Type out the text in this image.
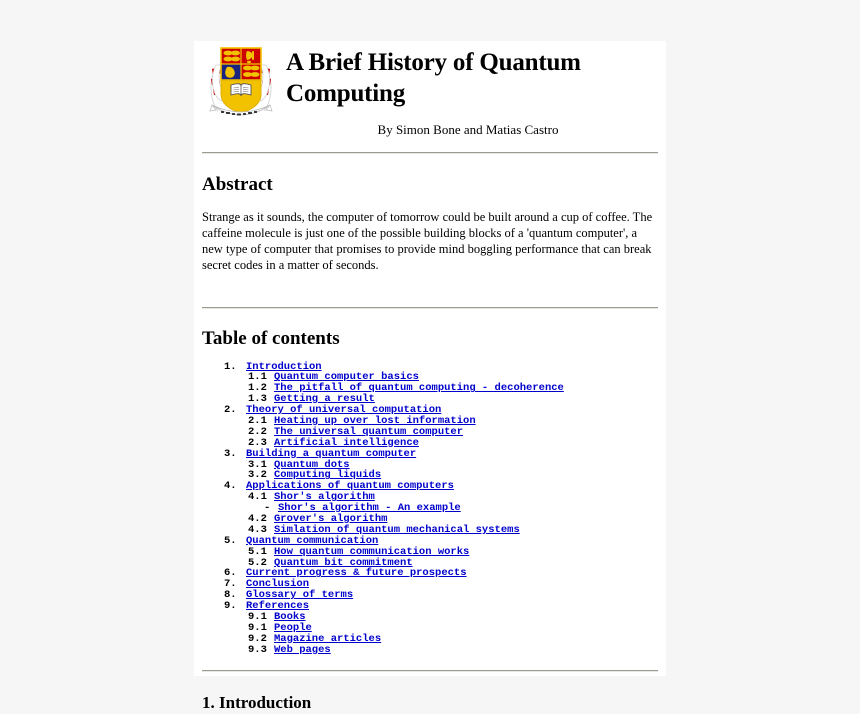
A Brief History of Quantum Computing
By Simon Bone and Matias Castro
Abstract

Strange as it sounds, the computer of tomorrow could be built around a cup of coffee. The caffeine molecule is just one of the possible building blocks of a 'quantum computer', a new type of computer that promises to provide mind boggling performance that can break secret codes in a matter of seconds.

Table of contents
1. Introduction
1.1 Quantum computer basics
1.2 The pitfall of quantum computing - decoherence
1.3 Getting a result
2. Theory of universal computation
2.1 Heating up over lost information
2.2 The universal quantum computer
2.3 Artificial intelligence
3. Building a quantum computer
3.1 Quantum dots
3.2 Computing liquids
4. Applications of quantum computers
4.1 Shor's algorithm
- Shor's algorithm - An example
4.2 Grover's algorithm
4.3 Simlation of quantum mechanical systems
5. Quantum communication
5.1 How quantum communication works
5.2 Quantum bit commitment
6. Current progress & future prospects
7. Conclusion
8. Glossary of terms
9. References
9.1 Books
9.1 People
9.2 Magazine articles
9.3 Web pages
1. Introduction
